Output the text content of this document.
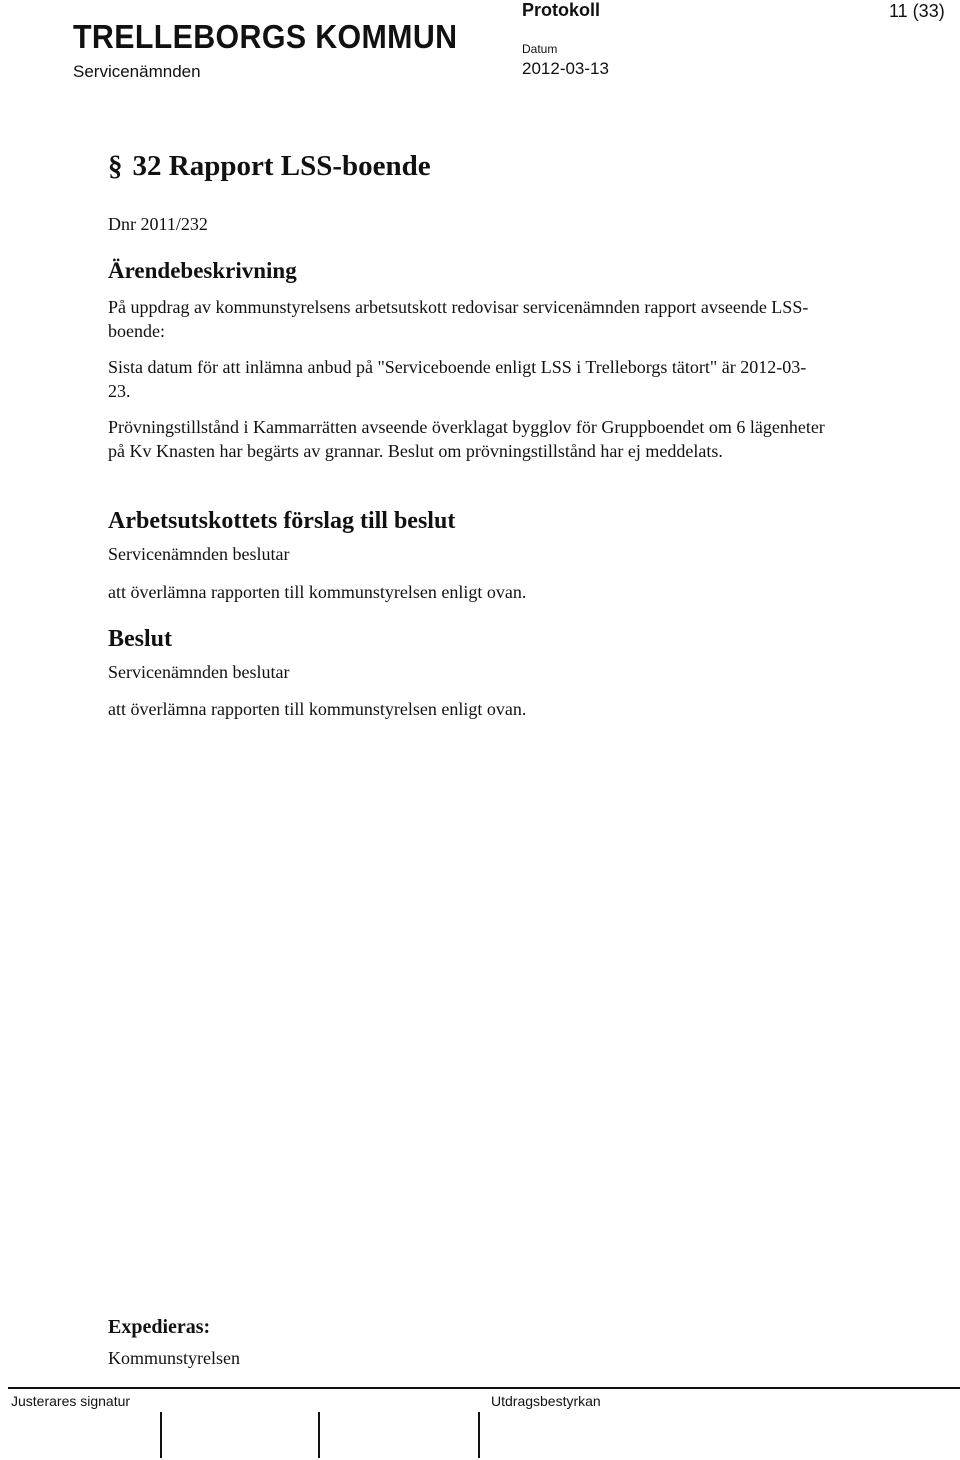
TRELLEBORGS KOMMUN
Servicenämnden
Protokoll
Datum
2012-03-13
11 (33)
§ 32 Rapport LSS-boende
Dnr 2011/232
Ärendebeskrivning

På uppdrag av kommunstyrelsens arbetsutskott redovisar servicenämnden rapport avseende LSS-boende:

Sista datum för att inlämna anbud på "Serviceboende enligt LSS i Trelleborgs tätort" är 2012-03-23.

Prövningstillstånd i Kammarrätten avseende överklagat bygglov för Gruppboendet om 6 lägenheter på Kv Knasten har begärts av grannar. Beslut om prövningstillstånd har ej meddelats.

Arbetsutskottets förslag till beslut
Servicenämnden beslutar
att överlämna rapporten till kommunstyrelsen enligt ovan.
Beslut
Servicenämnden beslutar
att överlämna rapporten till kommunstyrelsen enligt ovan.
Expedieras:
Kommunstyrelsen
Justerares signatur	Utdragsbestyrkan
